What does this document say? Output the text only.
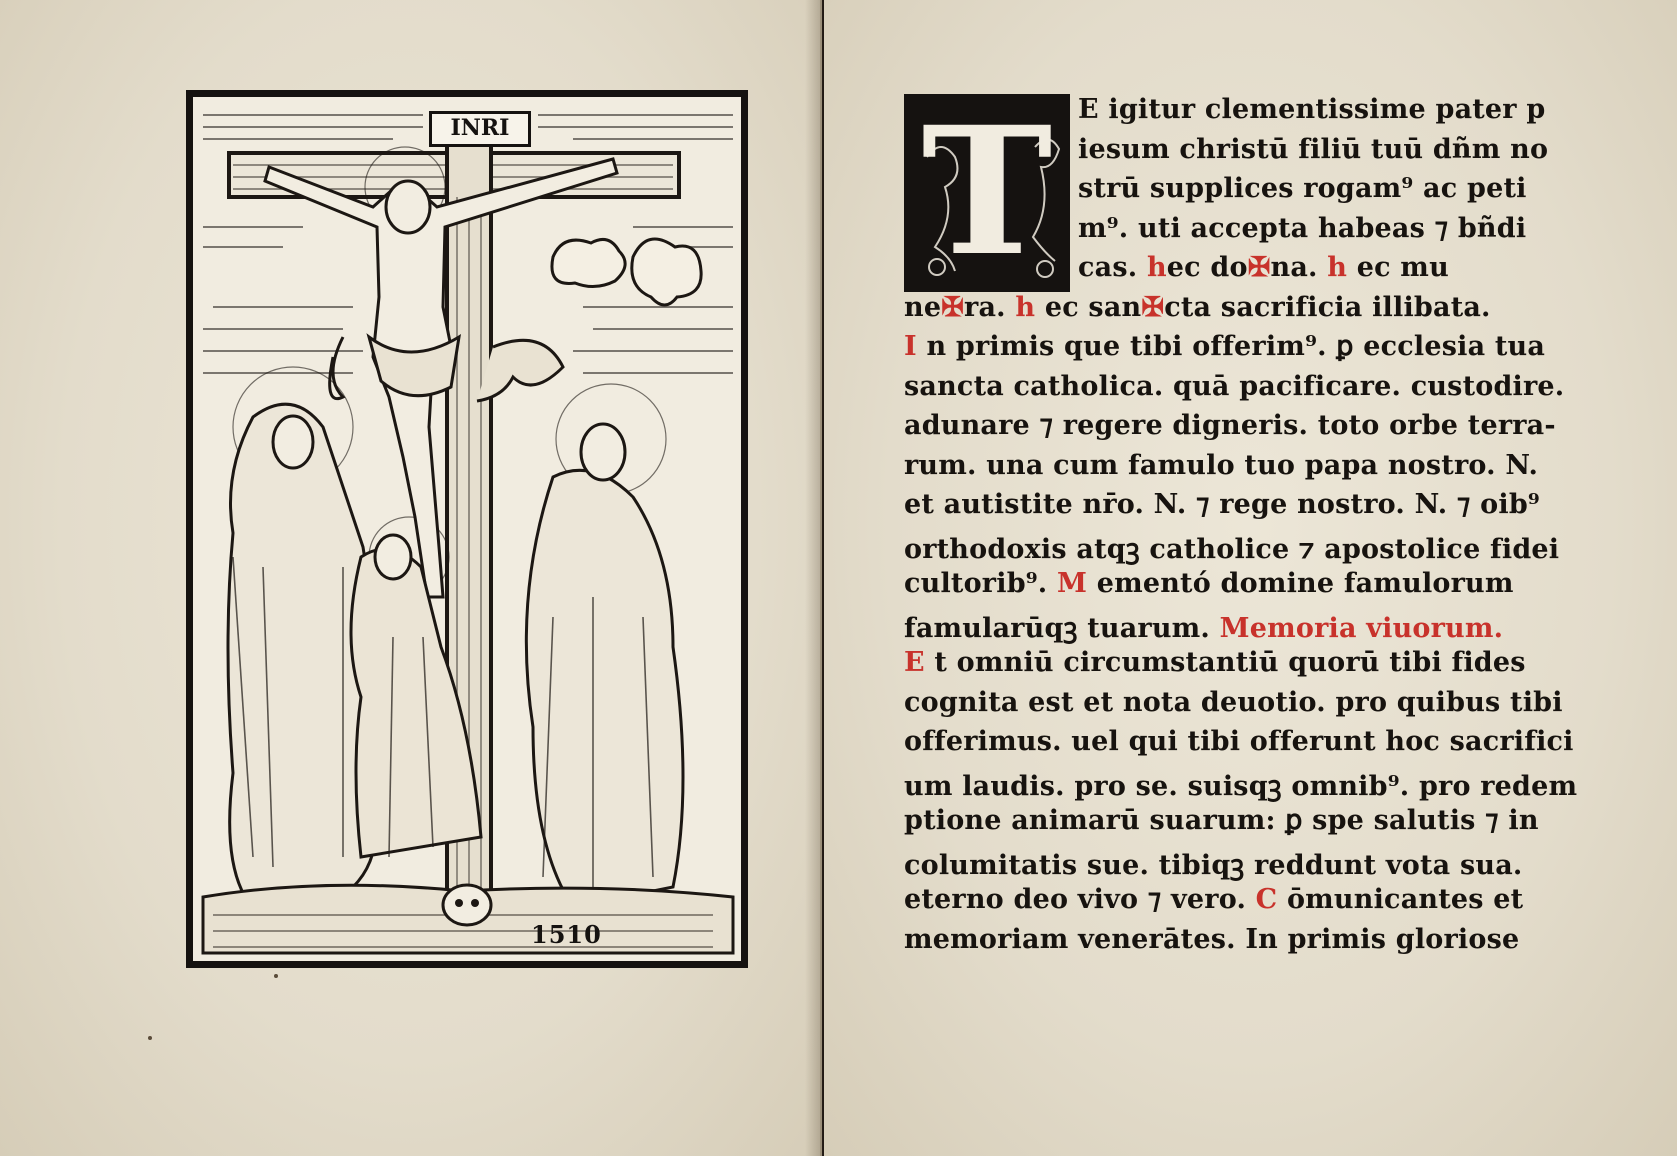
INRI
1510
T E igitur clementissime pater p
iesum christū filiū tuū dñm no
strū supplices rogam⁹ ac peti
m⁹. uti accepta habeas ⁊ bñdi
cas. hec do✠na. h ec mu
ne✠ra. h ec san✠cta sacrificia illibata.
I n primis que tibi offerim⁹. ꝑ ecclesia tua
sancta catholica. quā pacificare. custodire.
adunare ⁊ regere digneris. toto orbe terra-
rum. una cum famulo tuo papa nostro. N.
et autistite nr̄o. N. ⁊ rege nostro. N. ⁊ oib⁹
orthodoxis atqꝫ catholice ⁊ apostolice fidei
cultorib⁹. M ementó domine famulorum
famularūqꝫ tuarum. Memoria viuorum.
E t omniū circumstantiū quorū tibi fides
cognita est et nota deuotio. pro quibus tibi
offerimus. uel qui tibi offerunt hoc sacrifici
um laudis. pro se. suisqꝫ omnib⁹. pro redem
ptione animarū suarum: ꝑ spe salutis ⁊ in
columitatis sue. tibiqꝫ reddunt vota sua.
eterno deo vivo ⁊ vero. C ōmunicantes et
memoriam venerātes. In primis gloriose
